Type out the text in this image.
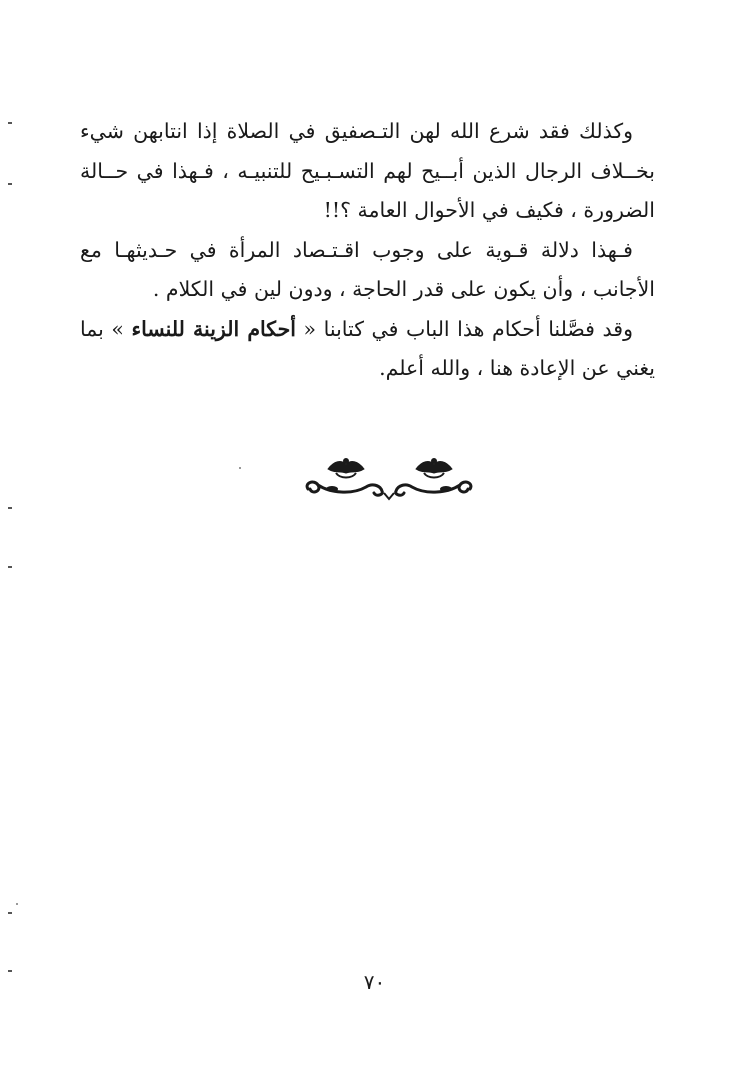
وكذلك فقد شرع الله لهن التـصفيق في الصلاة إذا انتابهن شيء بخــلاف الرجال الذين أبــيح لهم التسـبـيح للتنبيـه ، فـهذا في حــالة الضرورة ، فكيف في الأحوال العامة ؟!!

فـهذا دلالة قـوية على وجوب اقـتـصاد المرأة في حـديثهـا مع الأجانب ، وأن يكون على قدر الحاجة ، ودون لين في الكلام .

وقد فصَّلنا أحكام هذا الباب في كتابنا « أحكام الزينة للنساء » بما يغني عن الإعادة هنا ، والله أعلم.

٧٠
